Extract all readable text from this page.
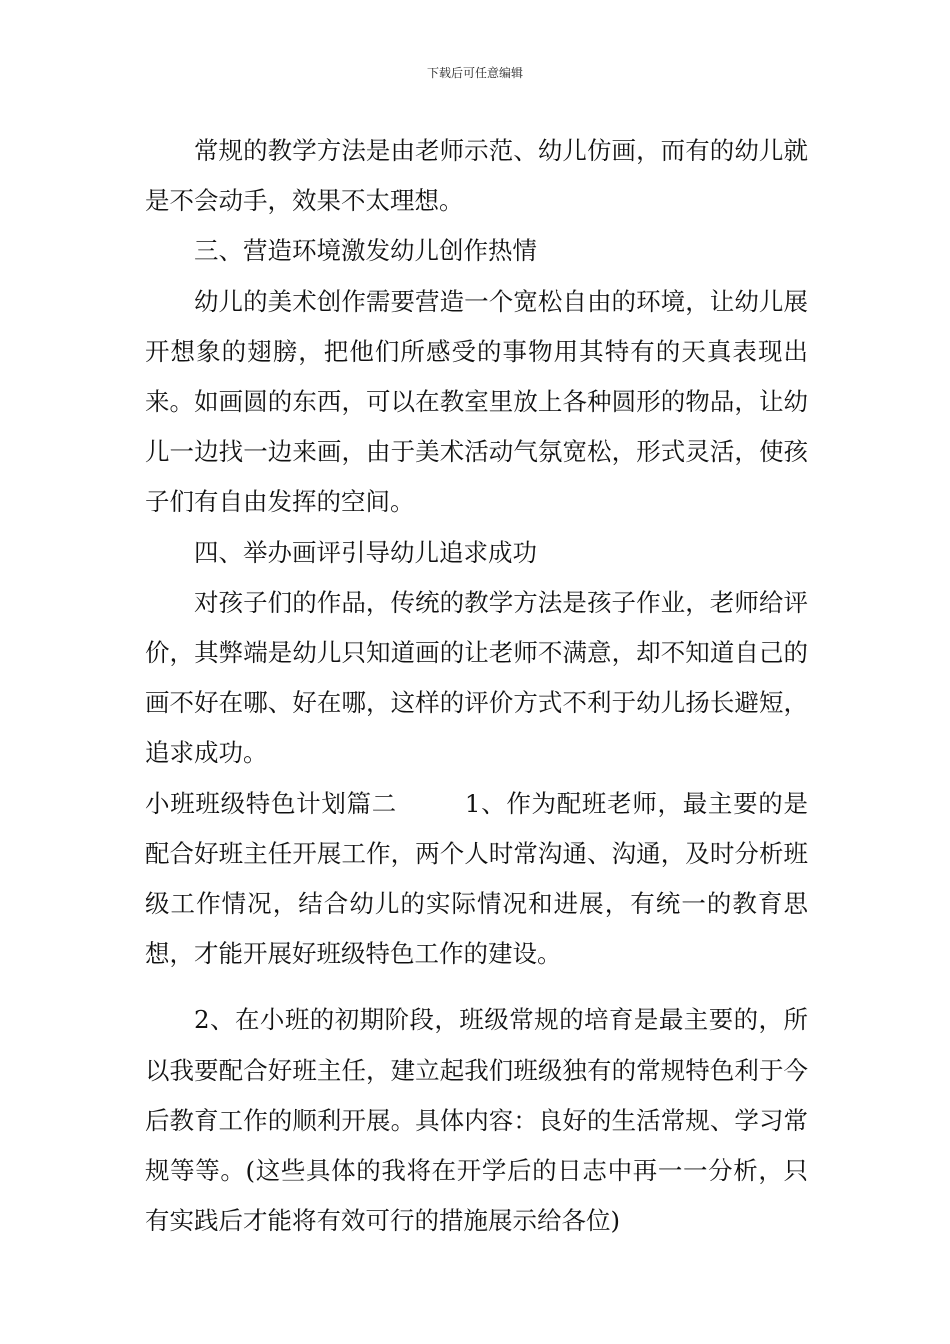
下载后可任意编辑

常规的教学方法是由老师示范、幼儿仿画，而有的幼儿就是不会动手，效果不太理想。

三、营造环境激发幼儿创作热情

幼儿的美术创作需要营造一个宽松自由的环境，让幼儿展开想象的翅膀，把他们所感受的事物用其特有的天真表现出来。如画圆的东西，可以在教室里放上各种圆形的物品，让幼儿一边找一边来画，由于美术活动气氛宽松，形式灵活，使孩子们有自由发挥的空间。

四、举办画评引导幼儿追求成功

对孩子们的作品，传统的教学方法是孩子作业，老师给评价，其弊端是幼儿只知道画的让老师不满意，却不知道自己的画不好在哪、好在哪，这样的评价方式不利于幼儿扬长避短，追求成功。

小班班级特色计划篇二	1、作为配班老师，最主要的是配合好班主任开展工作，两个人时常沟通、沟通，及时分析班级工作情况，结合幼儿的实际情况和进展，有统一的教育思想，才能开展好班级特色工作的建设。

2、在小班的初期阶段，班级常规的培育是最主要的，所以我要配合好班主任，建立起我们班级独有的常规特色利于今后教育工作的顺利开展。具体内容：良好的生活常规、学习常规等等。(这些具体的我将在开学后的日志中再一一分析，只有实践后才能将有效可行的措施展示给各位)
